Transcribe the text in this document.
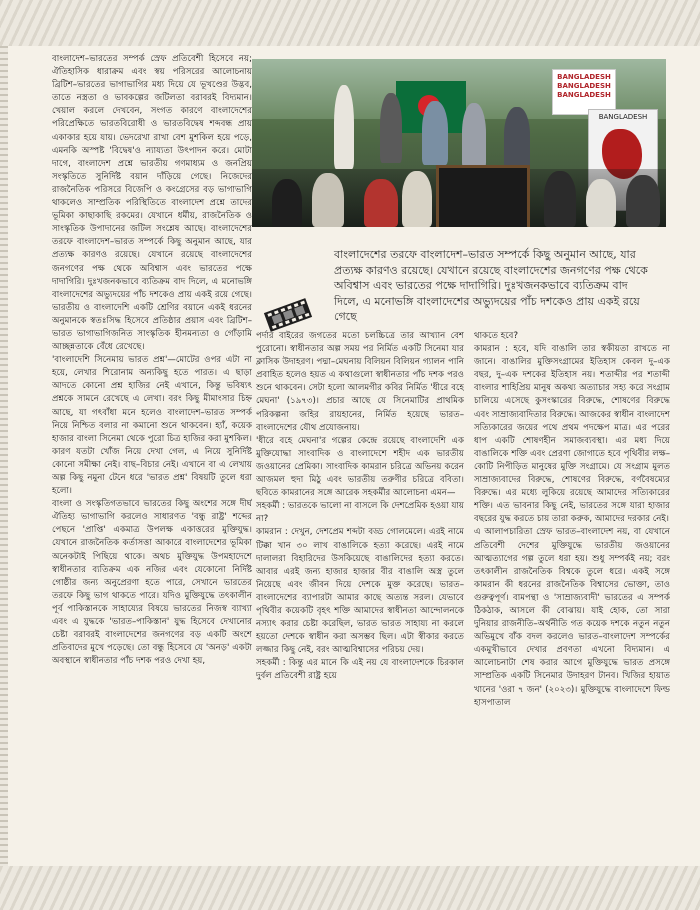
বাংলাদেশ–ভারতের সম্পর্ক স্রেফ প্রতিবেশী হিসেবে নয়; ঐতিহাসিক ধারাক্রম এবং স্বয় পরিসরের আলোচনায় ব্রিটিশ–ভারতের ভাগাভাগির মধ্য দিয়ে যে ভূখণ্ডের উদ্ভব, তাতে নস্ত্রতা ও ভাবকল্পের জটিলতা বরাবরই বিদ্যমান। খেয়াল করলে দেখবেন, সংগত কারণে বাংলাদেশের পরিপ্রেক্ষিতে ভারতবিরোধী ও ভারতবিদ্বেষ শব্দবন্ধ প্রায় একাকার হয়ে যায়। ভেদরেখা রাখা বেশ মুশকিল হয়ে পড়ে, এমনকি অস্পষ্ট 'বিদ্বেষ'ও ন্যায্যতা উৎপাদন করে। মোটা দাগে, বাংলাদেশ প্রশ্নে ভারতীয় গণমাধ্যম ও জনপ্রিয় সংস্কৃতিতে সুনির্দিষ্ট বয়ান দাঁড়িয়ে গেছে। নিজেদের রাজনৈতিক পরিসরে বিজেপি ও কংগ্রেসের বড় ভাগাভাগি থাকলেও সাম্প্রতিক পরিস্থিতিতে বাংলাদেশ প্রশ্নে তাদের ভূমিকা কাছাকাছি রকমের। যেখানে ধর্মীয়, রাজনৈতিক ও সাংস্কৃতিক উপাদানের জটিল সংশ্লেষ আছে। বাংলাদেশের তরফে বাংলাদেশ–ভারত সম্পর্কে কিছু অনুমান আছে, যার প্রত্যক্ষ কারণও রয়েছে। যেখানে রয়েছে বাংলাদেশের জনগণের পক্ষ থেকে অবিশ্বাস এবং ভারতের পক্ষে দাদাগিরি। দুঃখজনকভাবে ব্যতিক্রম বাদ দিলে, এ মনোভঙ্গি বাংলাদেশের অভ্যুদয়ের পাঁচ দশকেও প্রায় একই রয়ে গেছে। ভারতীয় ও বাংলাদেশি একটি শ্রেণির বয়ানে একই ধরনের অনুমানকে স্বতঃসিদ্ধ হিসেবে প্রতিষ্ঠার প্রয়াস এবং ব্রিটিশ–ভারত ভাগাভাগিজনিত সাংস্কৃতিক হীনমন্যতা ও গোঁড়ামি আচ্ছন্নতাকে বেঁধে রেখেছে।

'বাংলাদেশি সিনেমায় ভারত প্রশ্ন'—মোটের ওপর এটা না হয়ে, লেখার শিরোনাম অন্যকিছু হতে পারত। এ ছাড়া আদতে কোনো প্রশ্ন হাজির নেই এখানে, কিন্তু ভবিষ্যৎ প্রশ্নকে সামনে রেখেছে এ লেখা। বরং কিছু মীমাংসার চিহ্ন আছে, যা গৎবাঁধা মনে হলেও বাংলাদেশ–ভারত সম্পর্ক নিয়ে নিশ্চিত বলার না কমানো শুনে থাকবেন। হ্যাঁ, কয়েক হাজার বাংলা সিনেমা থেকে পুরো চিত্র হাজির করা মুশকিল। কারণ যতটা খোঁজ নিয়ে দেখা গেল, এ নিয়ে সুনির্দিষ্ট কোনো সমীক্ষা নেই। বাছ–বিচার নেই। এখানে বা এ লেখায় অল্প কিছু নমুনা টেনে ধরে 'ভারত প্রশ্ন' বিষয়টি তুলে ধরা হলো।

বাংলা ও সংস্কৃতিগতভাবে ভারতের কিছু অংশের সঙ্গে দীর্ঘ ঐতিহ্য ভাগাভাগি করলেও সাধারণত 'বন্ধু রাষ্ট্র' শব্দের পেছনে 'প্রাপ্তি' একমাত্র উপলক্ষ একাত্তরের মুক্তিযুদ্ধ। যেখানে রাজনৈতিক কর্তাসত্তা আকারে বাংলাদেশের ভূমিকা অনেকটাই পিছিয়ে থাকে। অথচ মুক্তিযুদ্ধ উপমহাদেশে স্বাধীনতার ব্যতিক্রম এক নজির এবং যেকোনো নির্দিষ্ট গোষ্ঠীর জন্য অনুপ্রেরণা হতে পারে, সেখানে ভারতের তরফে কিছু ভাগ থাকতে পারে। যদিও মুক্তিযুদ্ধে তৎকালীন পূর্ব পাকিস্তানকে সাহায্যের বিষয়ে ভারতের নিজস্ব ব্যাখ্যা এবং এ যুদ্ধকে 'ভারত–পাকিস্তান' যুদ্ধ হিসেবে দেখানোর চেষ্টা বরাবরই বাংলাদেশের জনগণের বড় একটি অংশে প্রতিবাদের মুখে পড়েছে। তো বন্ধু হিসেবে যে 'অনড়' একটা অবস্থানে স্বাধীনতার পাঁচ দশক পরও দেখা হয়,

BANGLADESH BANGLADESH BANGLADESH
BANGLADESH
বাংলাদেশের তরফে বাংলাদেশ–ভারত সম্পর্কে কিছু অনুমান আছে, যার প্রত্যক্ষ কারণও রয়েছে। যেখানে রয়েছে বাংলাদেশের জনগণের পক্ষ থেকে অবিশ্বাস এবং ভারতের পক্ষে দাদাগিরি। দুঃখজনকভাবে ব্যতিক্রম বাদ দিলে, এ মনোভঙ্গি বাংলাদেশের অভ্যুদয়ের পাঁচ দশকেও প্রায় একই রয়ে গেছে

পর্দার বাইরের জগতের মতো চলচ্চিত্রে তার আখ্যান বেশ পুরোনো। স্বাধীনতার অল্প সময় পর নির্মিত একটি সিনেমা যার ক্লাসিক উদাহরণ। পদ্মা–মেঘনায় বিলিয়ন বিলিয়ন গ্যালন পানি প্রবাহিত হলেও হয়ত এ কথাগুলো স্বাধীনতার পাঁচ দশক পরও শুনে থাকবেন। সেটা হলো আলমগীর কবির নির্মিত 'ধীরে বহে মেঘনা' (১৯৭৩)। প্রচার আছে যে সিনেমাটির প্রাথমিক পরিকল্পনা জহির রায়হানের, নির্মিত হয়েছে ভারত–বাংলাদেশের যৌথ প্রযোজনায়।

'ধীরে বহে মেঘনা'র গল্পের কেন্দ্রে রয়েছে বাংলাদেশি এক মুক্তিযোদ্ধা সাংবাদিক ও বাংলাদেশে শহীদ এক ভারতীয় জওয়ানের প্রেমিকা। সাংবাদিক কামরান চরিত্রে অভিনয় করেন আজমল হুদা মিঠু এবং ভারতীয় তরুণীর চরিত্রে ববিতা। ছবিতে কামরানের সঙ্গে আরেক সহকর্মীর আলোচনা এমন—

সহকর্মী : ভারতকে ভালো না বাসলে কি দেশপ্রেমিক হওয়া যায় না?

কামরান : দেখুন, দেশপ্রেম শব্দটা বড্ড গোলমেলে। এরই নামে টিক্কা খান ৩০ লাখ বাঙালিকে হত্যা করেছে। এরই নামে দালালরা বিহারিদের উসকিয়েছে বাঙালিদের হত্যা করতে। আবার এরই জন্য হাজার হাজার বীর বাঙালি অস্ত্র তুলে নিয়েছে এবং জীবন দিয়ে দেশকে মুক্ত করেছে। ভারত–বাংলাদেশের ব্যাপারটা আমার কাছে অত্যন্ত সরল। যেভাবে পৃথিবীর কয়েকটি বৃহৎ শক্তি আমাদের স্বাধীনতা আন্দোলনকে নস্যাৎ করার চেষ্টা করেছিল, ভারত ভারত সাহায্য না করলে হয়তো দেশকে স্বাধীন করা অসম্ভব ছিল। এটা স্বীকার করতে লজ্জার কিছু নেই, বরং আত্মবিশ্বাসের পরিচয় দেয়।

সহকর্মী : কিন্তু এর মানে কি এই নয় যে বাংলাদেশকে চিরকাল দুর্বল প্রতিবেশী রাষ্ট্র হয়ে

থাকতে হবে?

কামরান : হবে, যদি বাঙালি তার স্বকীয়তা রাখতে না জানে। বাঙালির মুক্তিসংগ্রামের ইতিহাস কেবল দু–এক বছর, দু–এক দশকের ইতিহাস নয়। শতাব্দীর পর শতাব্দী বাংলার শাহিপ্রিয় মানুষ অকথ্য অত্যাচার সহ্য করে সংগ্রাম চালিয়ে এসেছে কুসংস্কারের বিরুদ্ধে, শোষণের বিরুদ্ধে এবং সাম্রাজ্যবাদিতার বিরুদ্ধে। আজকের স্বাধীন বাংলাদেশ সত্যিকারের জয়ের পথে প্রথম পদক্ষেপ মাত্র। এর পরের ধাপ একটি শোষণহীন সমাজব্যবস্থা। এর মধ্য দিয়ে বাঙালিকে শক্তি এবং প্রেরণা জোগাতে হবে পৃথিবীর লক্ষ–কোটি নিপীড়িত মানুষের মুক্তি সংগ্রামে। যে সংগ্রাম মুলত সাম্রাজ্যবাদের বিরুদ্ধে, শোষণের বিরুদ্ধে, বর্ণবৈষম্যের বিরুদ্ধে। এর মধ্যে লুকিয়ে রয়েছে আমাদের সত্যিকারের শক্তি। এত ভাবনার কিছু নেই, ভারতের সঙ্গে যারা হাজার বছরের যুদ্ধ করতে চায় তারা করুক, আমাদের দরকার নেই।

এ আলাপচারিতা স্রেফ ভারত–বাংলাদেশ নয়, বা যেখানে প্রতিবেশী দেশের মুক্তিযুদ্ধে ভারতীয় জওয়ানের আত্মত্যাগের গল্প তুলে ধরা হয়। শুধু সম্পর্কই নয়; বরং তৎকালীন রাজনৈতিক বিশ্বকে তুলে ধরে। একই সঙ্গে কামরান কী ধরনের রাজনৈতিক বিশ্বাসের ভোক্তা, তাও গুরুত্বপূর্ণ। বামপন্থা ও 'সাম্রাজ্যবাদী' ভারতের এ সম্পর্ক ঠিকঠাক, আসলে কী বোঝায়। যাই হোক, তো সারা দুনিয়ার রাজনীতি–অর্থনীতি গত কয়েক দশকে নতুন নতুন অভিমুখে বাঁক বদল করলেও ভারত–বাংলাদেশ সম্পর্কের একমুখীভাবে দেখার প্রবণতা এখনো বিদ্যমান। এ আলোচনাটা শেষ করার আগে মুক্তিযুদ্ধে ভারত প্রসঙ্গে সাম্প্রতিক একটি সিনেমার উদাহরণ টানব। খিজির হায়াত খানের 'ওরা ৭ জন' (২০২৩)। মুক্তিযুদ্ধে বাংলাদেশে ফিল্ড হাসপাতাল
